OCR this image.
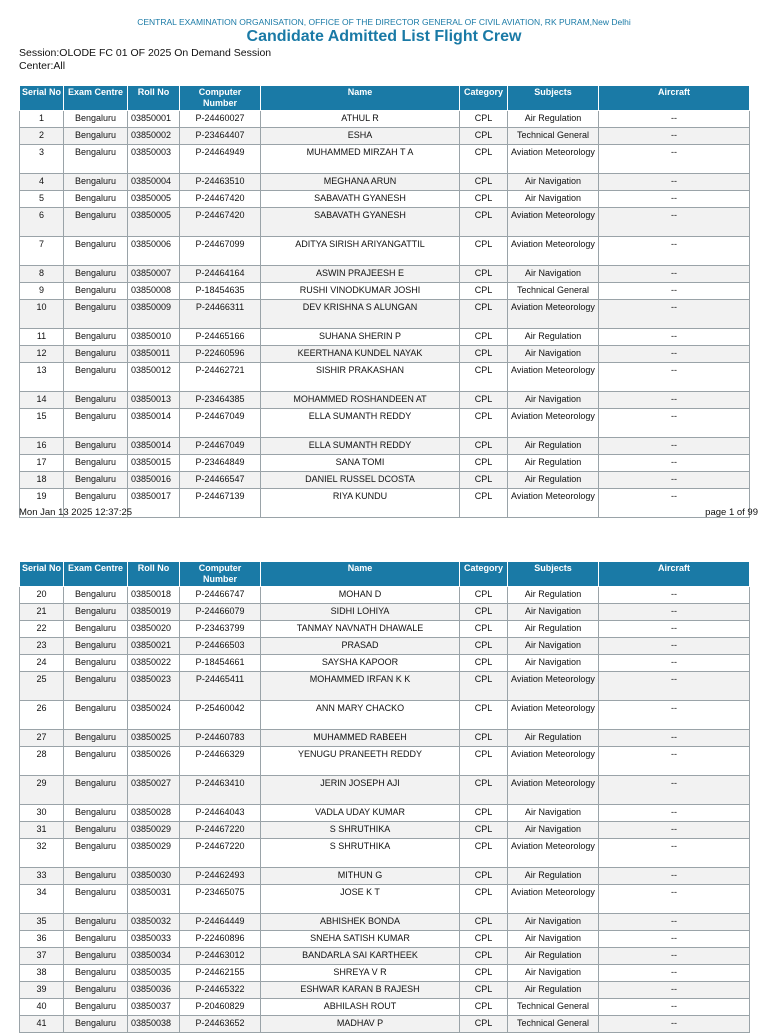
CENTRAL EXAMINATION ORGANISATION, OFFICE OF THE DIRECTOR GENERAL OF CIVIL AVIATION, RK PURAM,New Delhi
Candidate Admitted List Flight Crew
Session:OLODE FC 01 OF 2025 On Demand Session
Center:All
Serial No	Exam Centre	Roll No	Computer Number	Name	Category	Subjects	Aircraft
1	Bengaluru	03850001	P-24460027	ATHUL R	CPL	Air Regulation	--
2	Bengaluru	03850002	P-23464407	ESHA	CPL	Technical General	--
3	Bengaluru	03850003	P-24464949	MUHAMMED MIRZAH T A	CPL	Aviation Meteorology	--
4	Bengaluru	03850004	P-24463510	MEGHANA ARUN	CPL	Air Navigation	--
5	Bengaluru	03850005	P-24467420	SABAVATH GYANESH	CPL	Air Navigation	--
6	Bengaluru	03850005	P-24467420	SABAVATH GYANESH	CPL	Aviation Meteorology	--
7	Bengaluru	03850006	P-24467099	ADITYA SIRISH ARIYANGATTIL	CPL	Aviation Meteorology	--
8	Bengaluru	03850007	P-24464164	ASWIN PRAJEESH E	CPL	Air Navigation	--
9	Bengaluru	03850008	P-18454635	RUSHI VINODKUMAR JOSHI	CPL	Technical General	--
10	Bengaluru	03850009	P-24466311	DEV KRISHNA S ALUNGAN	CPL	Aviation Meteorology	--
11	Bengaluru	03850010	P-24465166	SUHANA SHERIN P	CPL	Air Regulation	--
12	Bengaluru	03850011	P-22460596	KEERTHANA KUNDEL NAYAK	CPL	Air Navigation	--
13	Bengaluru	03850012	P-24462721	SISHIR PRAKASHAN	CPL	Aviation Meteorology	--
14	Bengaluru	03850013	P-23464385	MOHAMMED ROSHANDEEN AT	CPL	Air Navigation	--
15	Bengaluru	03850014	P-24467049	ELLA SUMANTH REDDY	CPL	Aviation Meteorology	--
16	Bengaluru	03850014	P-24467049	ELLA SUMANTH REDDY	CPL	Air Regulation	--
17	Bengaluru	03850015	P-23464849	SANA TOMI	CPL	Air Regulation	--
18	Bengaluru	03850016	P-24466547	DANIEL RUSSEL DCOSTA	CPL	Air Regulation	--
19	Bengaluru	03850017	P-24467139	RIYA KUNDU	CPL	Aviation Meteorology	--
Mon Jan 13 2025 12:37:25	page 1 of 99
Serial No	Exam Centre	Roll No	Computer Number	Name	Category	Subjects	Aircraft
20	Bengaluru	03850018	P-24466747	MOHAN D	CPL	Air Regulation	--
21	Bengaluru	03850019	P-24466079	SIDHI LOHIYA	CPL	Air Navigation	--
22	Bengaluru	03850020	P-23463799	TANMAY NAVNATH DHAWALE	CPL	Air Regulation	--
23	Bengaluru	03850021	P-24466503	PRASAD	CPL	Air Navigation	--
24	Bengaluru	03850022	P-18454661	SAYSHA KAPOOR	CPL	Air Navigation	--
25	Bengaluru	03850023	P-24465411	MOHAMMED IRFAN K K	CPL	Aviation Meteorology	--
26	Bengaluru	03850024	P-25460042	ANN MARY CHACKO	CPL	Aviation Meteorology	--
27	Bengaluru	03850025	P-24460783	MUHAMMED RABEEH	CPL	Air Regulation	--
28	Bengaluru	03850026	P-24466329	YENUGU PRANEETH REDDY	CPL	Aviation Meteorology	--
29	Bengaluru	03850027	P-24463410	JERIN JOSEPH AJI	CPL	Aviation Meteorology	--
30	Bengaluru	03850028	P-24464043	VADLA UDAY KUMAR	CPL	Air Navigation	--
31	Bengaluru	03850029	P-24467220	S SHRUTHIKA	CPL	Air Navigation	--
32	Bengaluru	03850029	P-24467220	S SHRUTHIKA	CPL	Aviation Meteorology	--
33	Bengaluru	03850030	P-24462493	MITHUN G	CPL	Air Regulation	--
34	Bengaluru	03850031	P-23465075	JOSE K T	CPL	Aviation Meteorology	--
35	Bengaluru	03850032	P-24464449	ABHISHEK BONDA	CPL	Air Navigation	--
36	Bengaluru	03850033	P-22460896	SNEHA SATISH KUMAR	CPL	Air Navigation	--
37	Bengaluru	03850034	P-24463012	BANDARLA SAI KARTHEEK	CPL	Air Regulation	--
38	Bengaluru	03850035	P-24462155	SHREYA V R	CPL	Air Navigation	--
39	Bengaluru	03850036	P-24465322	ESHWAR KARAN B RAJESH	CPL	Air Regulation	--
40	Bengaluru	03850037	P-20460829	ABHILASH ROUT	CPL	Technical General	--
41	Bengaluru	03850038	P-24463652	MADHAV P	CPL	Technical General	--
